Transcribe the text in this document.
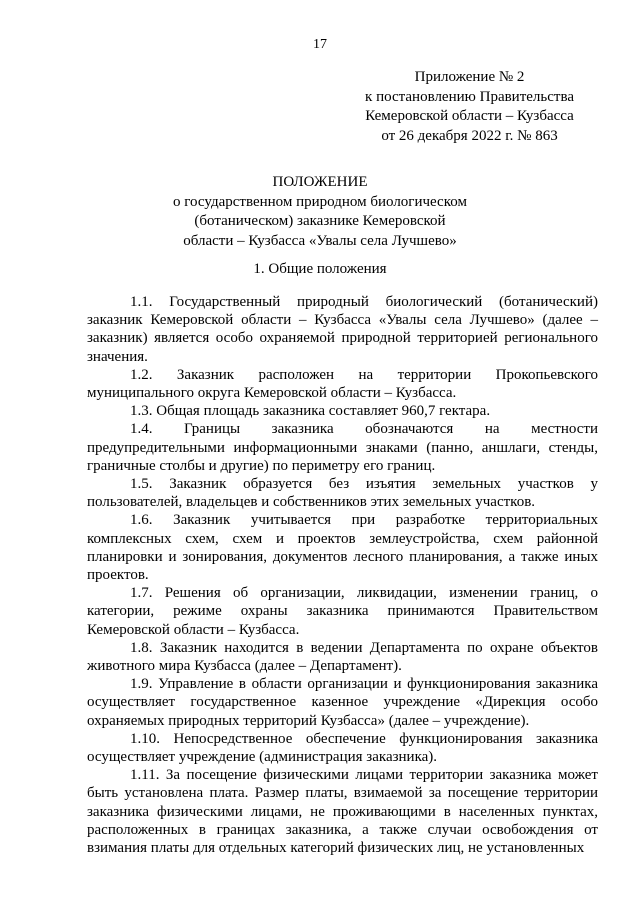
17
Приложение № 2
к постановлению Правительства
Кемеровской области – Кузбасса
от 26 декабря 2022 г. № 863
ПОЛОЖЕНИЕ
о государственном природном биологическом
(ботаническом) заказнике Кемеровской
области – Кузбасса «Увалы села Лучшево»
1. Общие положения

1.1. Государственный природный биологический (ботанический) заказник Кемеровской области – Кузбасса «Увалы села Лучшево» (далее – заказник) является особо охраняемой природной территорией регионального значения.

1.2. Заказник расположен на территории Прокопьевского муниципального округа Кемеровской области – Кузбасса.

1.3. Общая площадь заказника составляет 960,7 гектара.

1.4. Границы заказника обозначаются на местности предупредительными информационными знаками (панно, аншлаги, стенды, граничные столбы и другие) по периметру его границ.

1.5. Заказник образуется без изъятия земельных участков у пользователей, владельцев и собственников этих земельных участков.

1.6. Заказник учитывается при разработке территориальных комплексных схем, схем и проектов землеустройства, схем районной планировки и зонирования, документов лесного планирования, а также иных проектов.

1.7. Решения об организации, ликвидации, изменении границ, о категории, режиме охраны заказника принимаются Правительством Кемеровской области – Кузбасса.

1.8. Заказник находится в ведении Департамента по охране объектов животного мира Кузбасса (далее – Департамент).

1.9. Управление в области организации и функционирования заказника осуществляет государственное казенное учреждение «Дирекция особо охраняемых природных территорий Кузбасса» (далее – учреждение).

1.10. Непосредственное обеспечение функционирования заказника осуществляет учреждение (администрация заказника).

1.11. За посещение физическими лицами территории заказника может быть установлена плата. Размер платы, взимаемой за посещение территории заказника физическими лицами, не проживающими в населенных пунктах, расположенных в границах заказника, а также случаи освобождения от взимания платы для отдельных категорий физических лиц, не установленных
